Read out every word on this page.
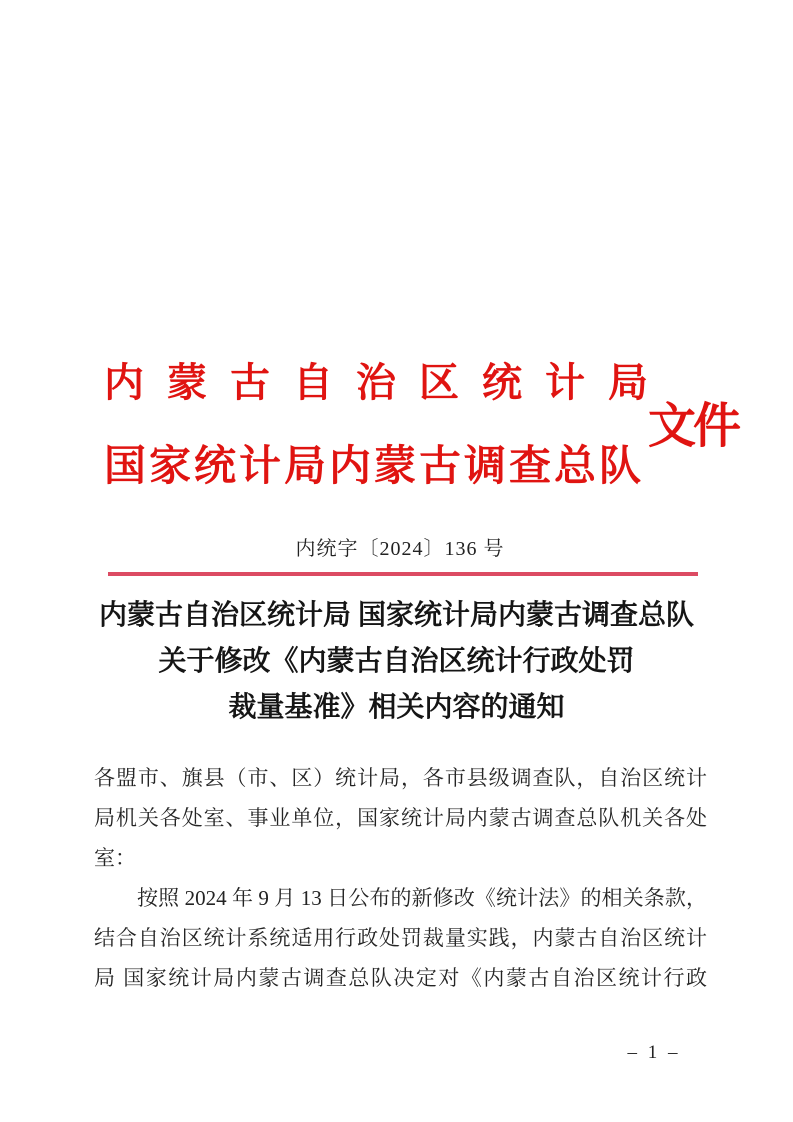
内蒙古自治区统计局
国家统计局内蒙古调查总队
文件
内统字〔2024〕136 号
内蒙古自治区统计局 国家统计局内蒙古调查总队
关于修改《内蒙古自治区统计行政处罚
裁量基准》相关内容的通知
各盟市、旗县（市、区）统计局，各市县级调查队，自治区统计
局机关各处室、事业单位，国家统计局内蒙古调查总队机关各处
室：
按照 2024 年 9 月 13 日公布的新修改《统计法》的相关条款，
结合自治区统计系统适用行政处罚裁量实践，内蒙古自治区统计
局 国家统计局内蒙古调查总队决定对《内蒙古自治区统计行政
– 1 –
